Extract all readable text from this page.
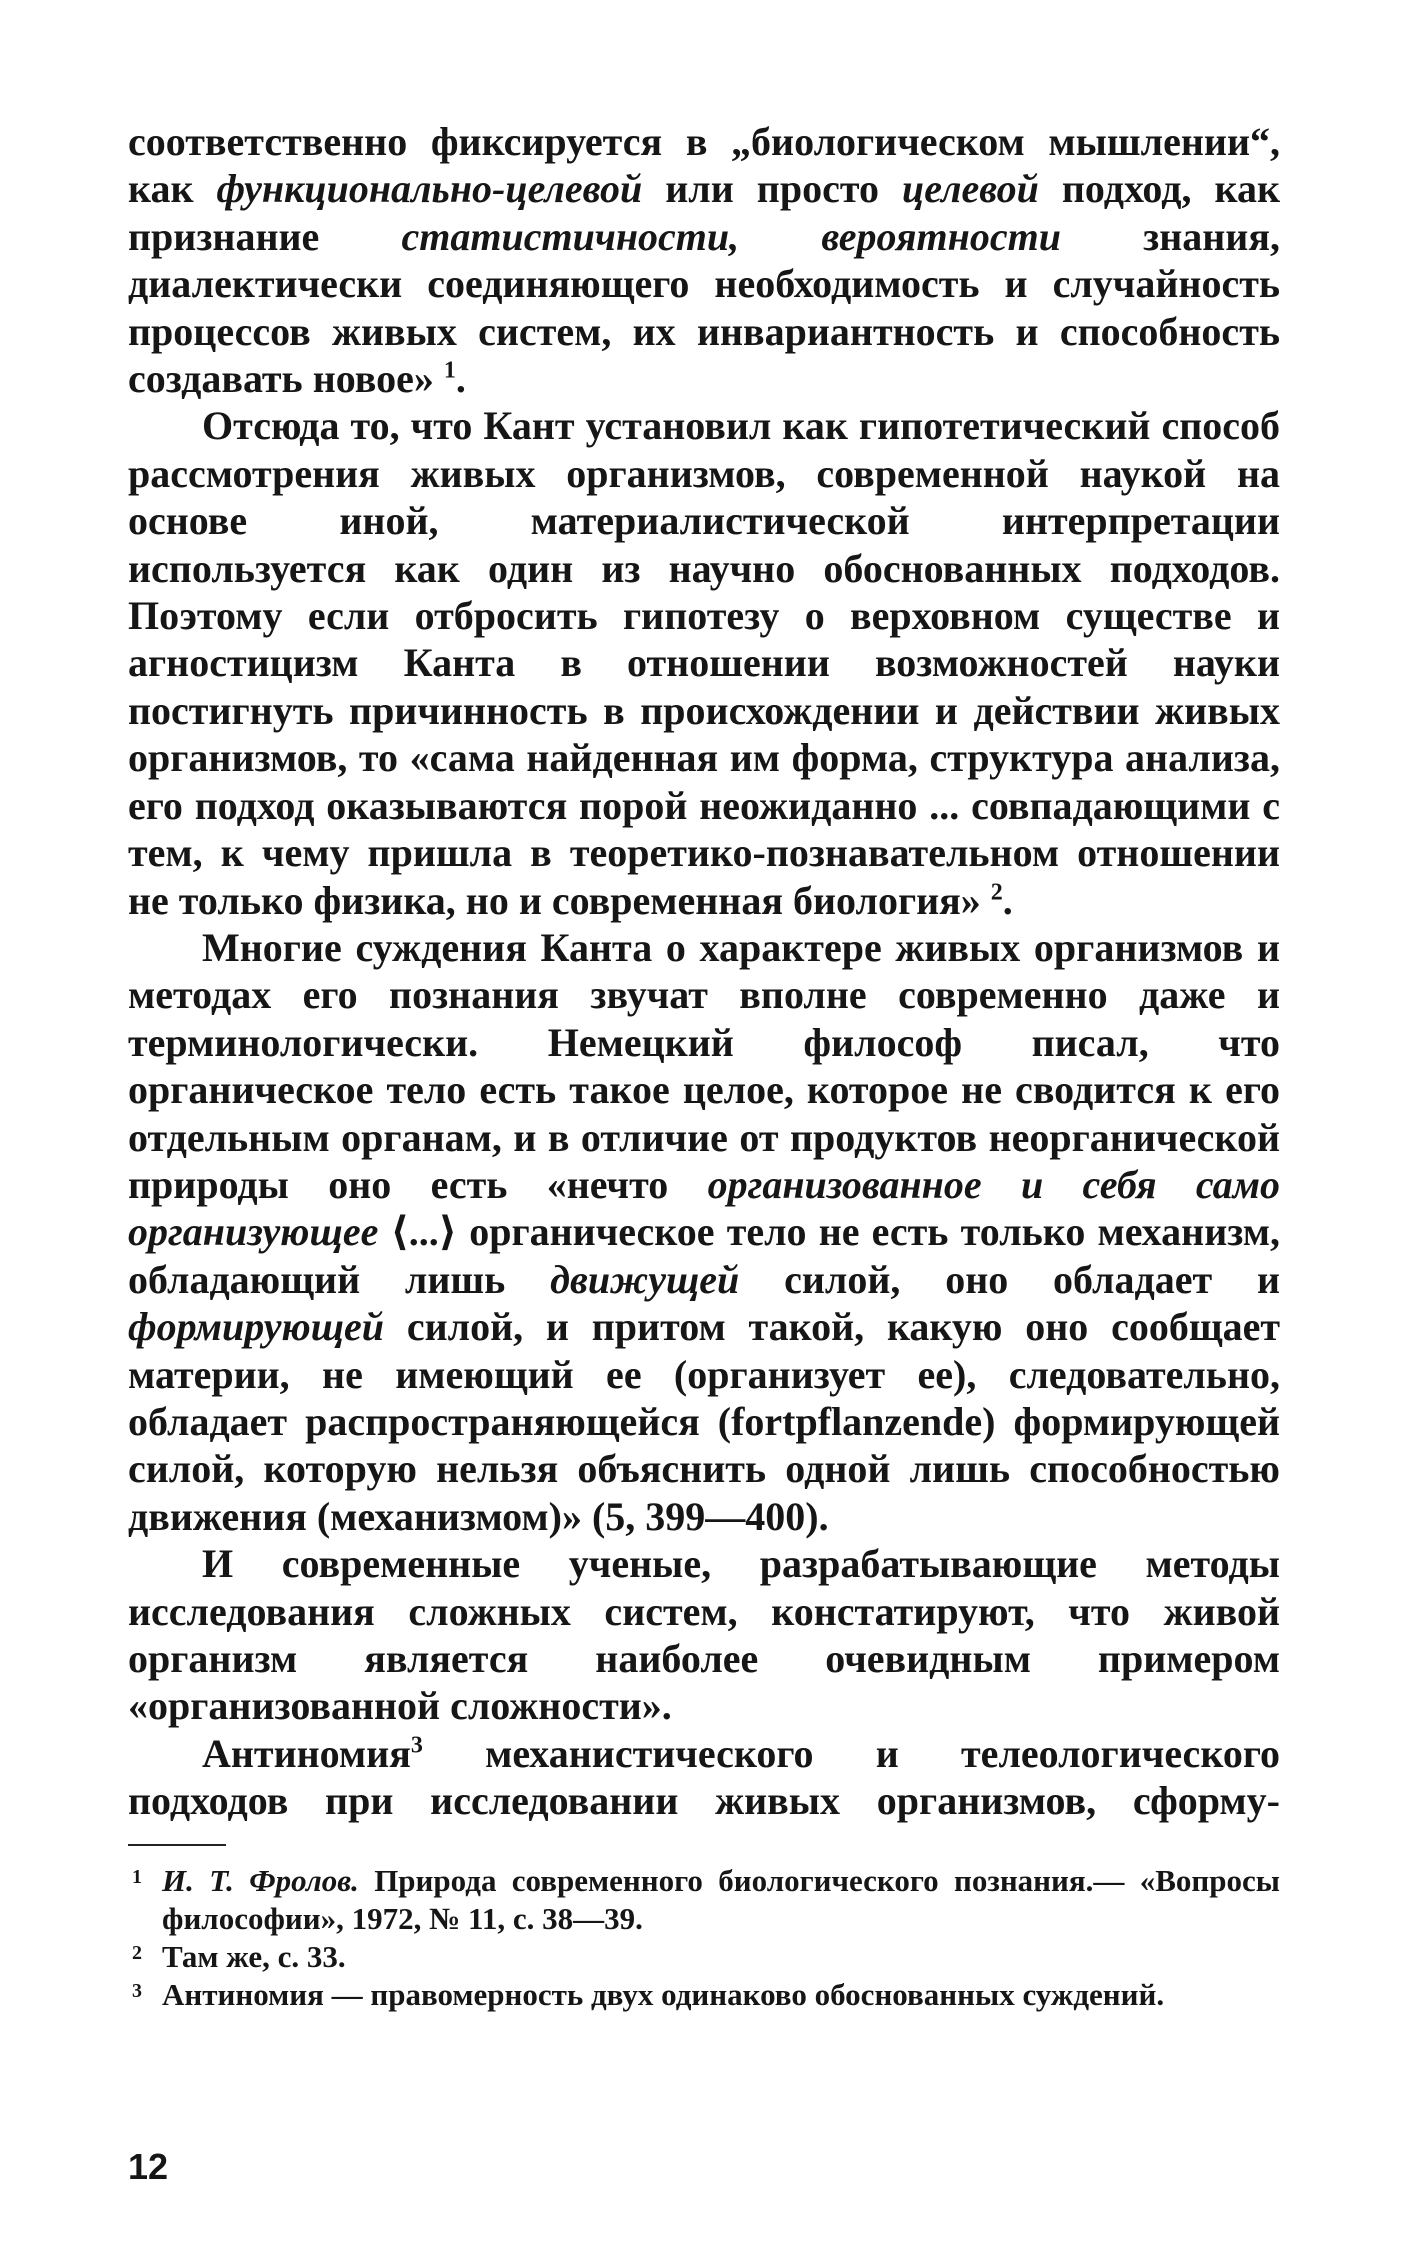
соответственно фиксируется в „биологическом мышлении“, как функционально-целевой или просто целевой подход, как признание статистичности, вероятности знания, диалектически соединяющего необходимость и случайность процессов живых систем, их инвариантность и способность создавать новое» $^1$.

Отсюда то, что Кант установил как гипотетический способ рассмотрения живых организмов, современной наукой на основе иной, материалистической интерпретации используется как один из научно обоснованных подходов. Поэтому если отбросить гипотезу о верховном существе и агностицизм Канта в отношении возможностей науки постигнуть причинность в происхождении и действии живых организмов, то «сама найденная им форма, структура анализа, его подход оказываются порой неожиданно ... совпадающими с тем, к чему пришла в теоретико-познавательном отношении не только физика, но и современная биология» $^2$.

Многие суждения Канта о характере живых организмов и методах его познания звучат вполне современно даже и терминологически. Немецкий философ писал, что органическое тело есть такое целое, которое не сводится к его отдельным органам, и в отличие от продуктов неорганической природы оно есть «нечто организованное и себя само организующее ⟨...⟩ органическое тело не есть только механизм, обладающий лишь движущей силой, оно обладает и формирующей силой, и притом такой, какую оно сообщает материи, не имеющий ее (организует ее), следовательно, обладает распространяющейся (fortpflanzende) формирующей силой, которую нельзя объяснить одной лишь способностью движения (механизмом)» (5, 399—400).

И современные ученые, разрабатывающие методы исследования сложных систем, констатируют, что живой организм является наиболее очевидным примером «организованной сложности».

Антиномия$^3$ механистического и телеологического подходов при исследовании живых организмов, сформу-

1 И. Т. Фролов. Природа современного биологического познания.— «Вопросы философии», 1972, № 11, с. 38—39.
2 Там же, с. 33.
3 Антиномия — правомерность двух одинаково обоснованных суждений.
12
